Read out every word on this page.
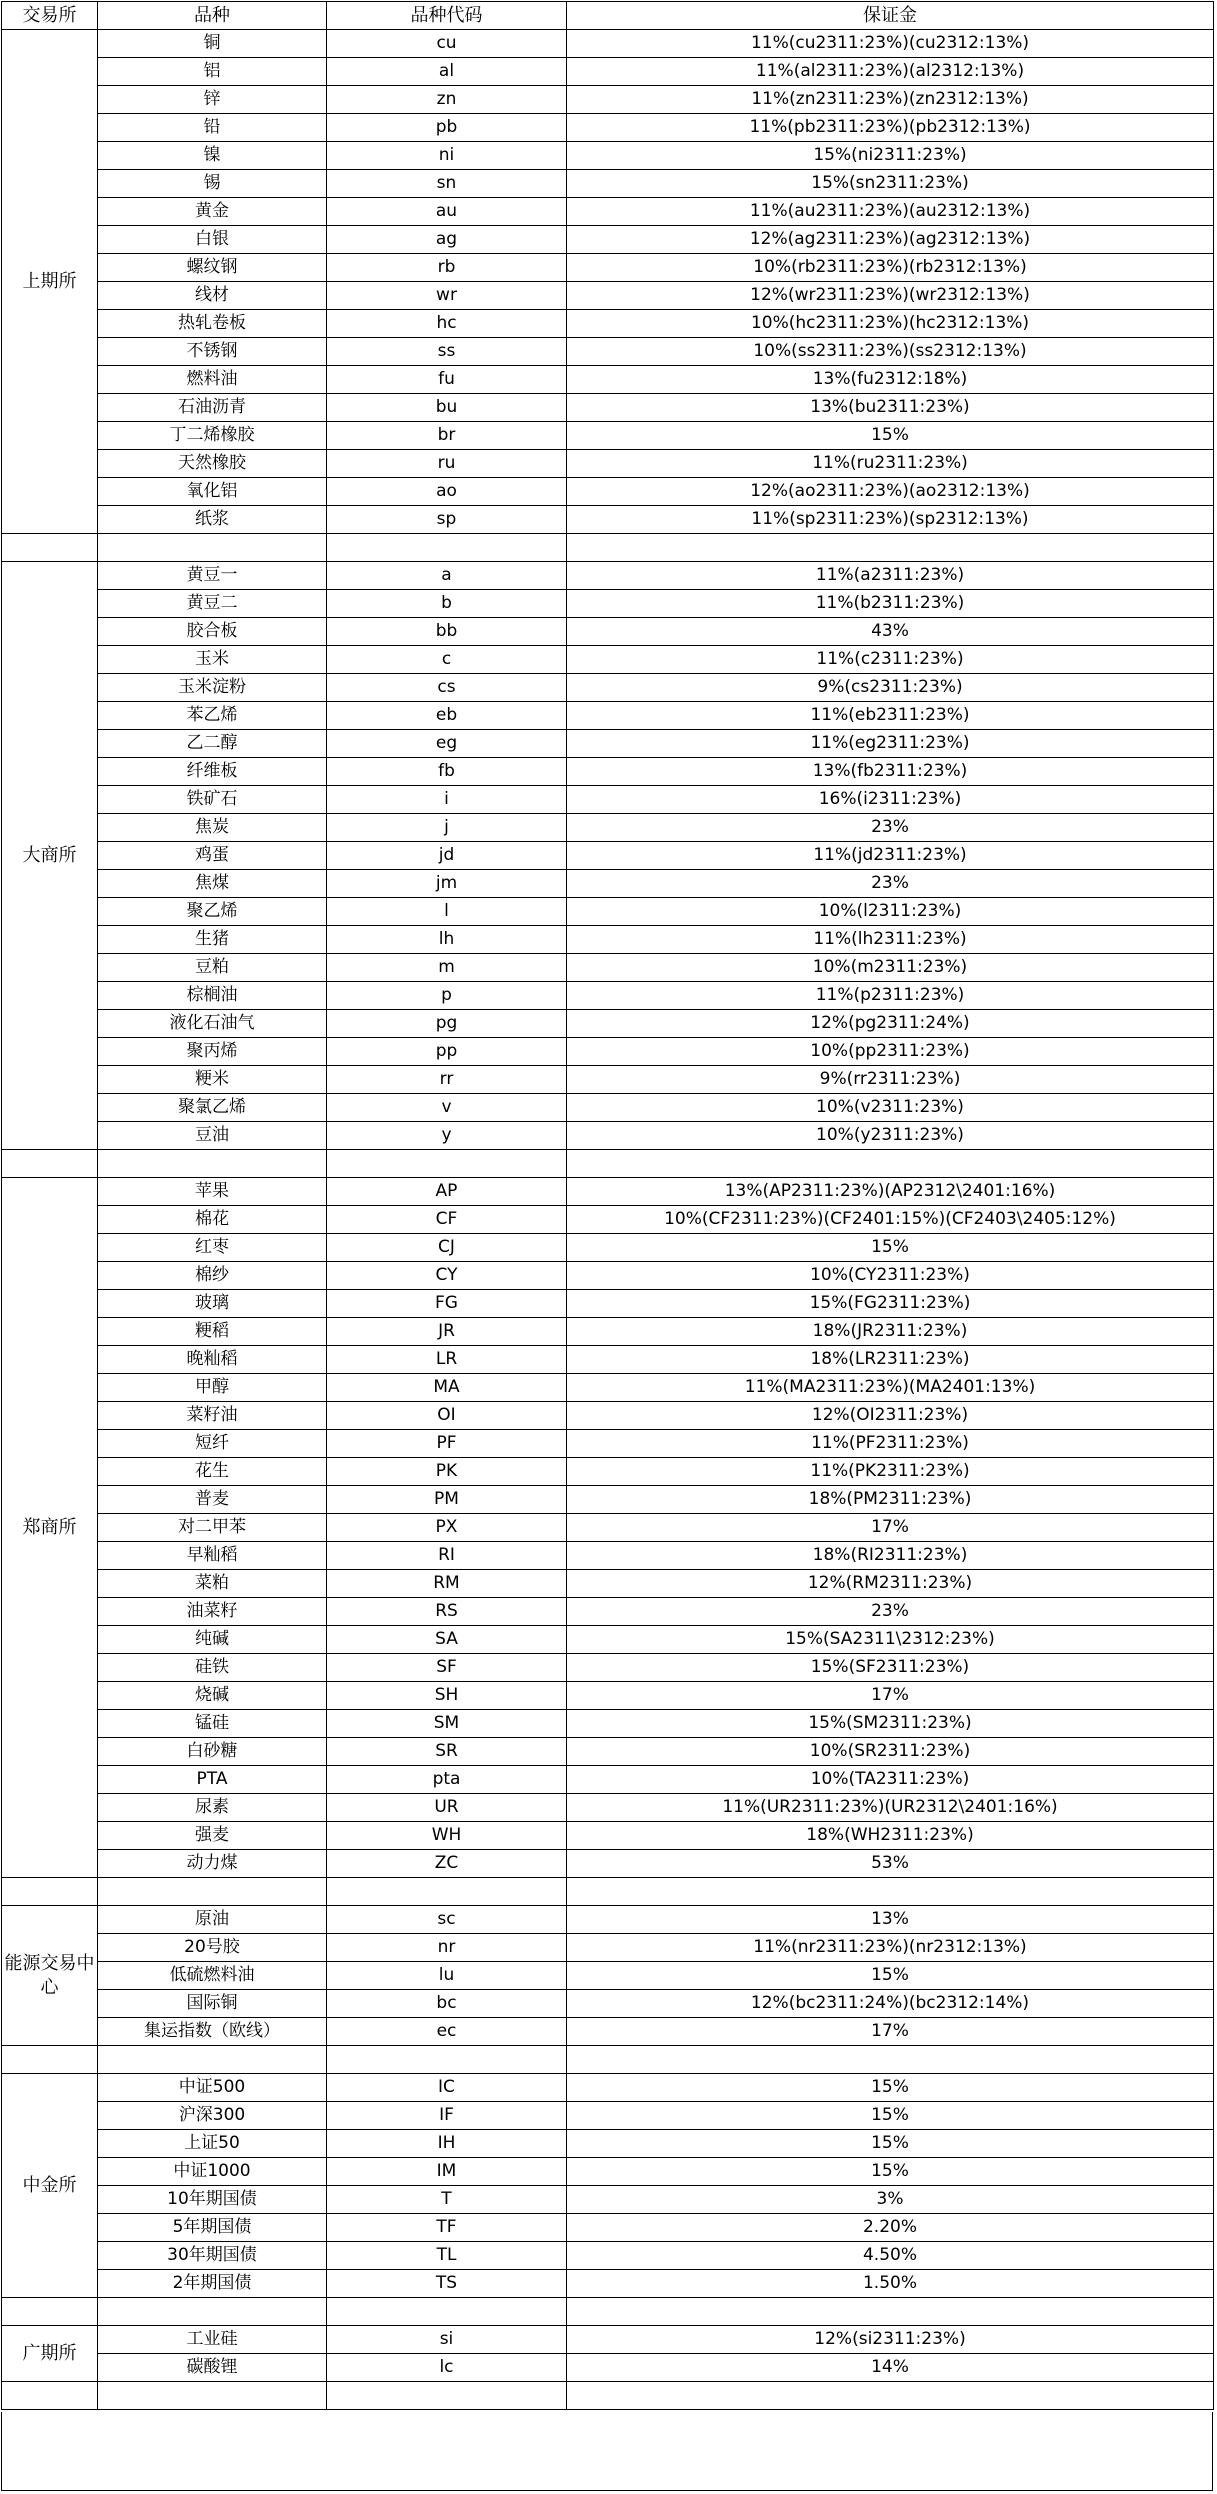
交易所	品种	品种代码	保证金
上期所	铜	cu	11%(cu2311:23%)(cu2312:13%)
	铝	al	11%(al2311:23%)(al2312:13%)
	锌	zn	11%(zn2311:23%)(zn2312:13%)
	铅	pb	11%(pb2311:23%)(pb2312:13%)
	镍	ni	15%(ni2311:23%)
	锡	sn	15%(sn2311:23%)
	黄金	au	11%(au2311:23%)(au2312:13%)
	白银	ag	12%(ag2311:23%)(ag2312:13%)
	螺纹钢	rb	10%(rb2311:23%)(rb2312:13%)
	线材	wr	12%(wr2311:23%)(wr2312:13%)
	热轧卷板	hc	10%(hc2311:23%)(hc2312:13%)
	不锈钢	ss	10%(ss2311:23%)(ss2312:13%)
	燃料油	fu	13%(fu2312:18%)
	石油沥青	bu	13%(bu2311:23%)
	丁二烯橡胶	br	15%
	天然橡胶	ru	11%(ru2311:23%)
	氧化铝	ao	12%(ao2311:23%)(ao2312:13%)
	纸浆	sp	11%(sp2311:23%)(sp2312:13%)

大商所	黄豆一	a	11%(a2311:23%)
	黄豆二	b	11%(b2311:23%)
	胶合板	bb	43%
	玉米	c	11%(c2311:23%)
	玉米淀粉	cs	9%(cs2311:23%)
	苯乙烯	eb	11%(eb2311:23%)
	乙二醇	eg	11%(eg2311:23%)
	纤维板	fb	13%(fb2311:23%)
	铁矿石	i	16%(i2311:23%)
	焦炭	j	23%
	鸡蛋	jd	11%(jd2311:23%)
	焦煤	jm	23%
	聚乙烯	l	10%(l2311:23%)
	生猪	lh	11%(lh2311:23%)
	豆粕	m	10%(m2311:23%)
	棕榈油	p	11%(p2311:23%)
	液化石油气	pg	12%(pg2311:24%)
	聚丙烯	pp	10%(pp2311:23%)
	粳米	rr	9%(rr2311:23%)
	聚氯乙烯	v	10%(v2311:23%)
	豆油	y	10%(y2311:23%)

郑商所	苹果	AP	13%(AP2311:23%)(AP2312\2401:16%)
	棉花	CF	10%(CF2311:23%)(CF2401:15%)(CF2403\2405:12%)
	红枣	CJ	15%
	棉纱	CY	10%(CY2311:23%)
	玻璃	FG	15%(FG2311:23%)
	粳稻	JR	18%(JR2311:23%)
	晚籼稻	LR	18%(LR2311:23%)
	甲醇	MA	11%(MA2311:23%)(MA2401:13%)
	菜籽油	OI	12%(OI2311:23%)
	短纤	PF	11%(PF2311:23%)
	花生	PK	11%(PK2311:23%)
	普麦	PM	18%(PM2311:23%)
	对二甲苯	PX	17%
	早籼稻	RI	18%(RI2311:23%)
	菜粕	RM	12%(RM2311:23%)
	油菜籽	RS	23%
	纯碱	SA	15%(SA2311\2312:23%)
	硅铁	SF	15%(SF2311:23%)
	烧碱	SH	17%
	锰硅	SM	15%(SM2311:23%)
	白砂糖	SR	10%(SR2311:23%)
	PTA	pta	10%(TA2311:23%)
	尿素	UR	11%(UR2311:23%)(UR2312\2401:16%)
	强麦	WH	18%(WH2311:23%)
	动力煤	ZC	53%

能源交易中心	原油	sc	13%
	20号胶	nr	11%(nr2311:23%)(nr2312:13%)
	低硫燃料油	lu	15%
	国际铜	bc	12%(bc2311:24%)(bc2312:14%)
	集运指数（欧线）	ec	17%

中金所	中证500	IC	15%
	沪深300	IF	15%
	上证50	IH	15%
	中证1000	IM	15%
	10年期国债	T	3%
	5年期国债	TF	2.20%
	30年期国债	TL	4.50%
	2年期国债	TS	1.50%

广期所	工业硅	si	12%(si2311:23%)
	碳酸锂	lc	14%
